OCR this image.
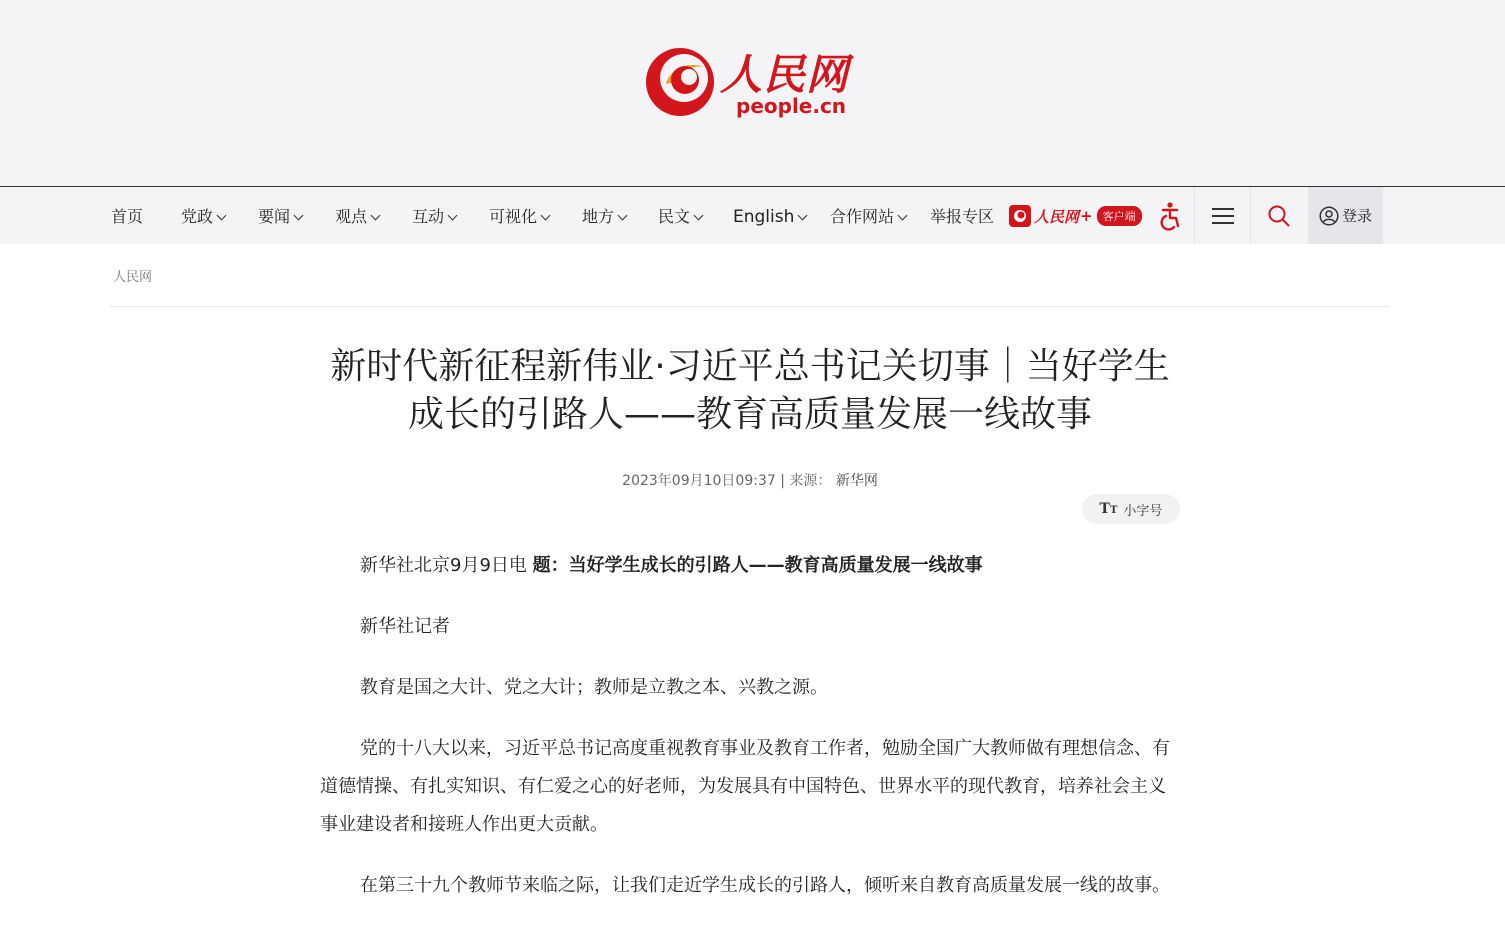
人民网
people.cn
首页 党政	要闻	观点	互动	可视化	地方	民文	English	合作网站	举报专区	人民网 + 客户端	登录
人民网
新时代新征程新伟业·习近平总书记关切事｜当好学生成长的引路人——教育高质量发展一线故事
2023年09月10日09:37 | 来源： 新华网
TT 小字号

新华社北京9月9日电 题：当好学生成长的引路人——教育高质量发展一线故事

新华社记者

教育是国之大计、党之大计；教师是立教之本、兴教之源。

党的十八大以来，习近平总书记高度重视教育事业及教育工作者，勉励全国广大教师做有理想信念、有道德情操、有扎实知识、有仁爱之心的好老师，为发展具有中国特色、世界水平的现代教育，培养社会主义事业建设者和接班人作出更大贡献。

在第三十九个教师节来临之际，让我们走近学生成长的引路人，倾听来自教育高质量发展一线的故事。
